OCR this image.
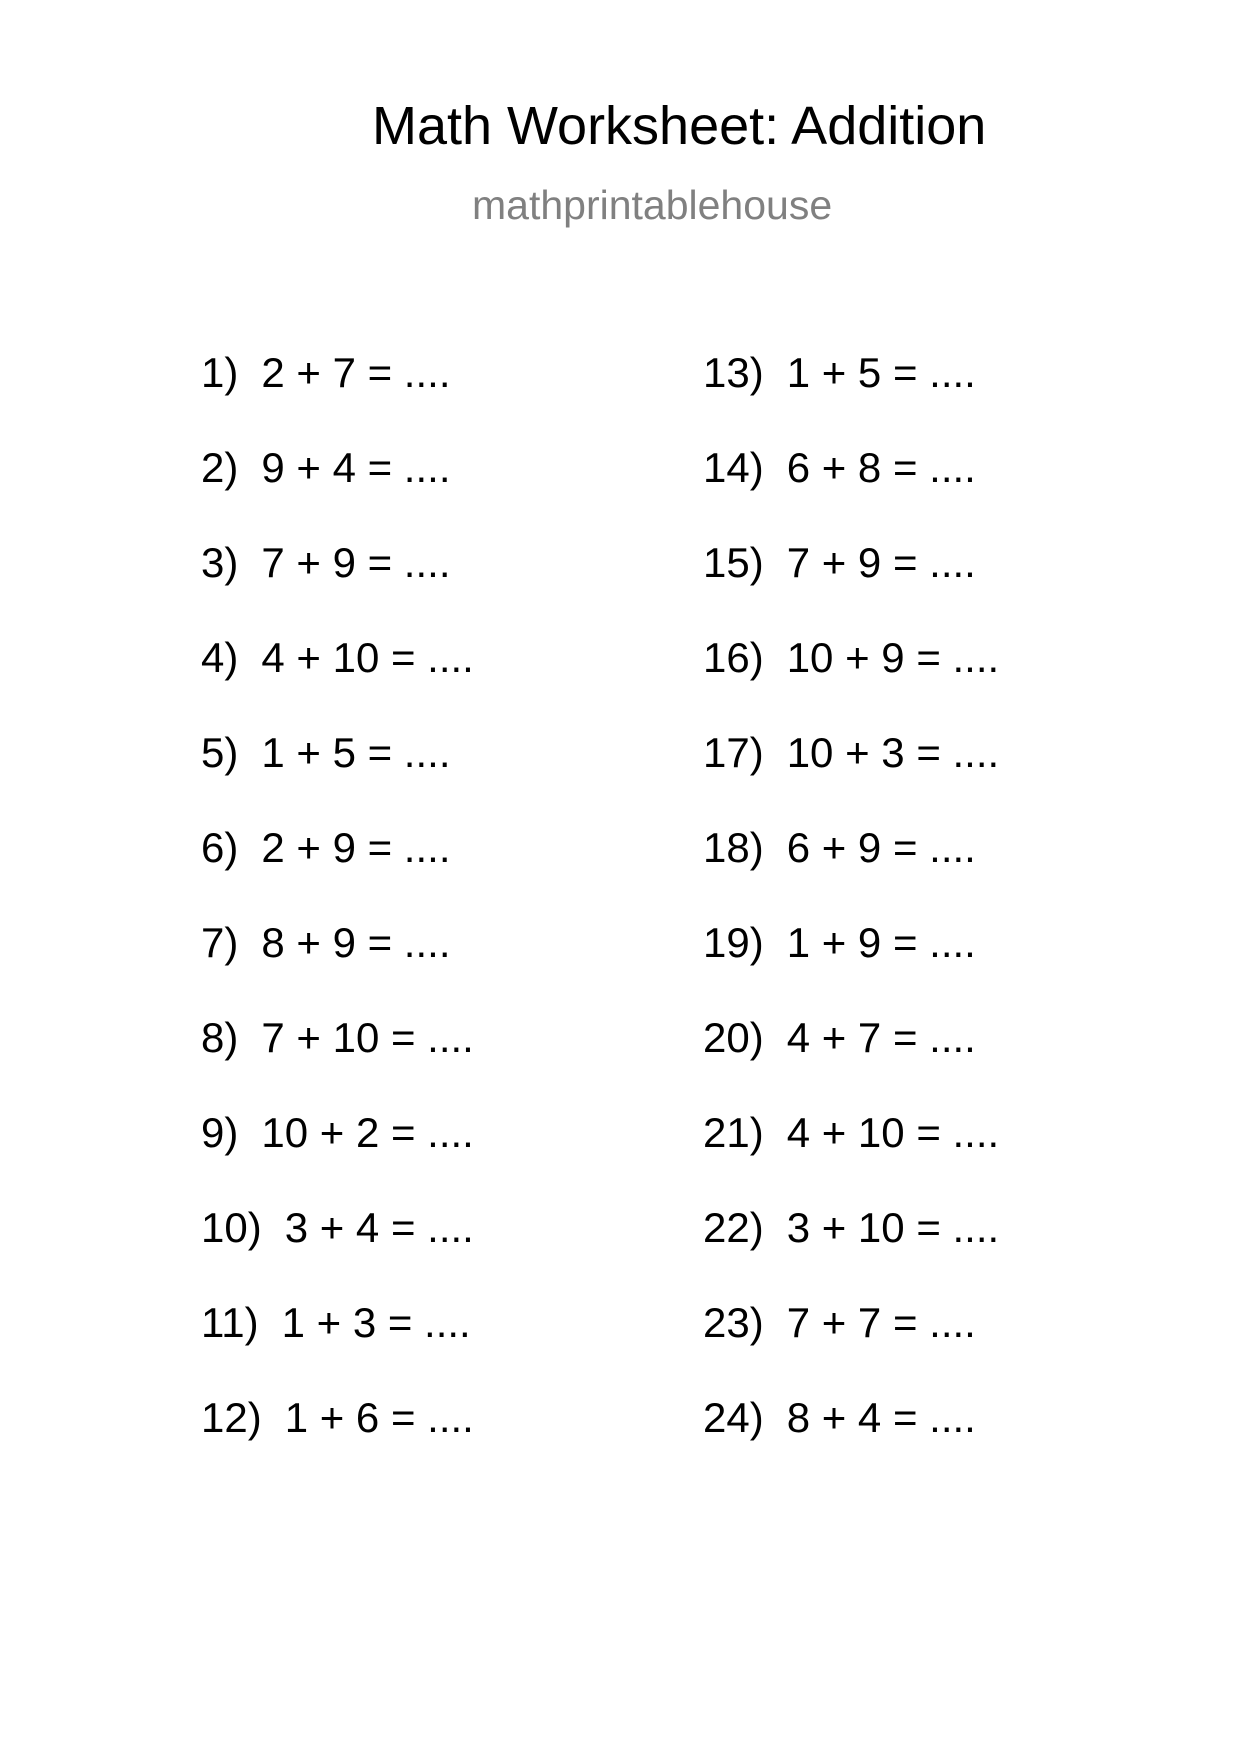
Math Worksheet: Addition
mathprintablehouse
1) 2 + 7 = ....
2) 9 + 4 = ....
3) 7 + 9 = ....
4) 4 + 10 = ....
5) 1 + 5 = ....
6) 2 + 9 = ....
7) 8 + 9 = ....
8) 7 + 10 = ....
9) 10 + 2 = ....
10) 3 + 4 = ....
11) 1 + 3 = ....
12) 1 + 6 = ....
13) 1 + 5 = ....
14) 6 + 8 = ....
15) 7 + 9 = ....
16) 10 + 9 = ....
17) 10 + 3 = ....
18) 6 + 9 = ....
19) 1 + 9 = ....
20) 4 + 7 = ....
21) 4 + 10 = ....
22) 3 + 10 = ....
23) 7 + 7 = ....
24) 8 + 4 = ....
